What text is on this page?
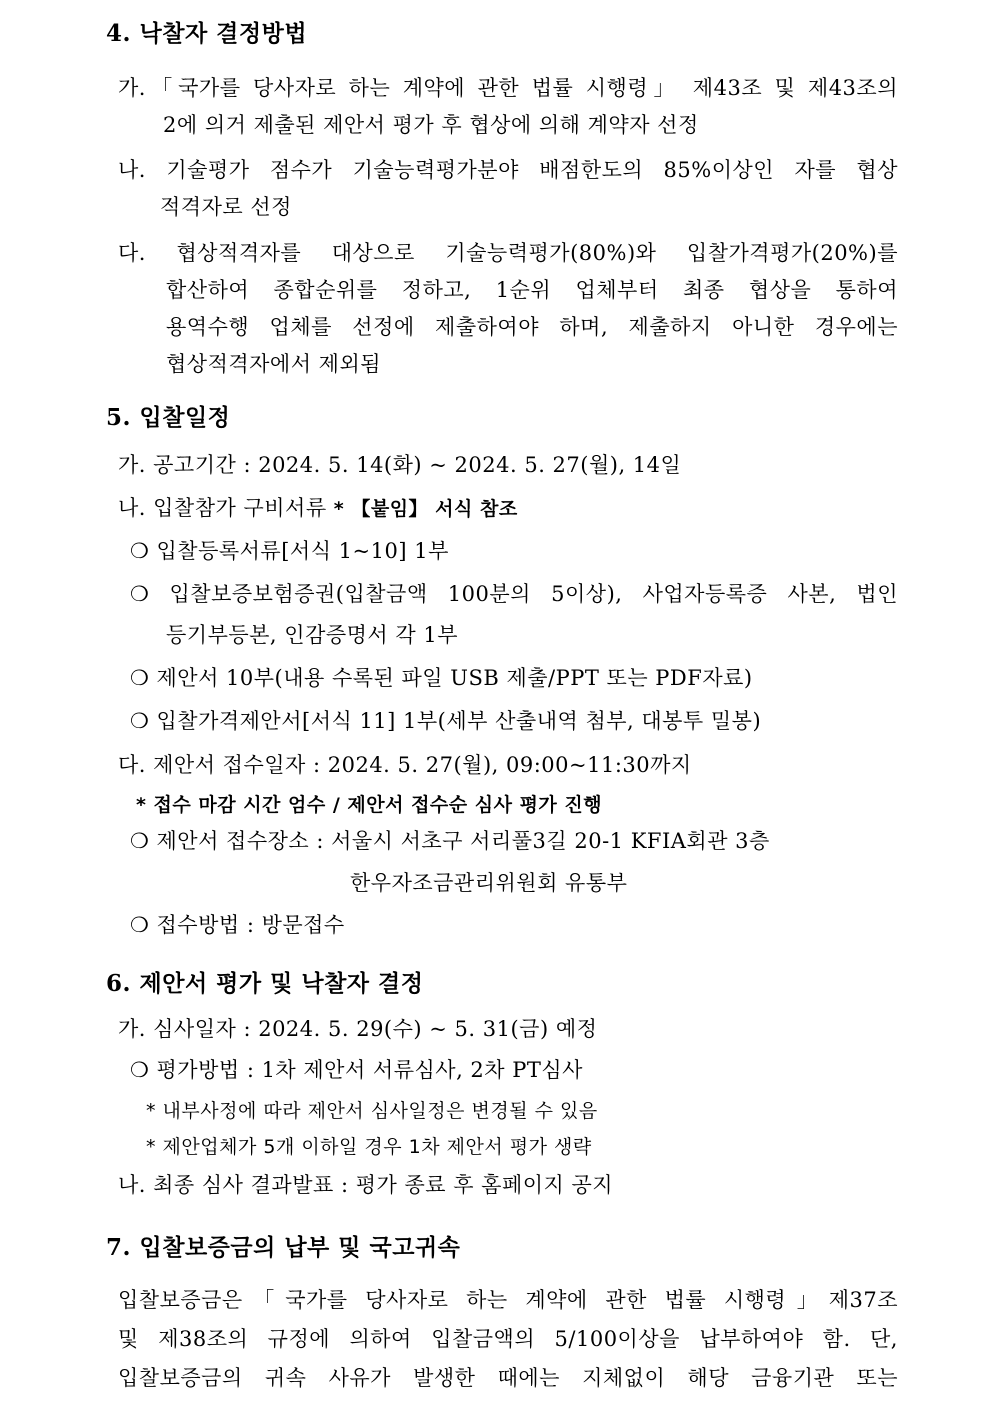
4. 낙찰자 결정방법
가.「국가를 당사자로 하는 계약에 관한 법률 시행령」 제43조 및 제43조의
2에 의거 제출된 제안서 평가 후 협상에 의해 계약자 선정
나. 기술평가 점수가 기술능력평가분야 배점한도의 85%이상인 자를 협상
적격자로 선정
다. 협상적격자를 대상으로 기술능력평가(80%)와 입찰가격평가(20%)를
합산하여 종합순위를 정하고, 1순위 업체부터 최종 협상을 통하여
용역수행 업체를 선정에 제출하여야 하며, 제출하지 아니한 경우에는
협상적격자에서 제외됨
5. 입찰일정
가. 공고기간 : 2024. 5. 14(화) ~ 2024. 5. 27(월), 14일
나. 입찰참가 구비서류 * 【붙임】 서식 참조
❍ 입찰등록서류[서식 1~10] 1부
❍ 입찰보증보험증권(입찰금액 100분의 5이상), 사업자등록증 사본, 법인
등기부등본, 인감증명서 각 1부
❍ 제안서 10부(내용 수록된 파일 USB 제출/PPT 또는 PDF자료)
❍ 입찰가격제안서[서식 11] 1부(세부 산출내역 첨부, 대봉투 밀봉)
다. 제안서 접수일자 : 2024. 5. 27(월), 09:00~11:30까지
* 접수 마감 시간 엄수 / 제안서 접수순 심사 평가 진행
❍ 제안서 접수장소 : 서울시 서초구 서리풀3길 20-1 KFIA회관 3층
한우자조금관리위원회 유통부
❍ 접수방법 : 방문접수
6. 제안서 평가 및 낙찰자 결정
가. 심사일자 : 2024. 5. 29(수) ~ 5. 31(금) 예정
❍ 평가방법 : 1차 제안서 서류심사, 2차 PT심사
* 내부사정에 따라 제안서 심사일정은 변경될 수 있음
* 제안업체가 5개 이하일 경우 1차 제안서 평가 생략
나. 최종 심사 결과발표 : 평가 종료 후 홈페이지 공지
7. 입찰보증금의 납부 및 국고귀속
입찰보증금은「국가를 당사자로 하는 계약에 관한 법률 시행령」제37조
및 제38조의 규정에 의하여 입찰금액의 5/100이상을 납부하여야 함. 단,
입찰보증금의 귀속 사유가 발생한 때에는 지체없이 해당 금융기관 또는
